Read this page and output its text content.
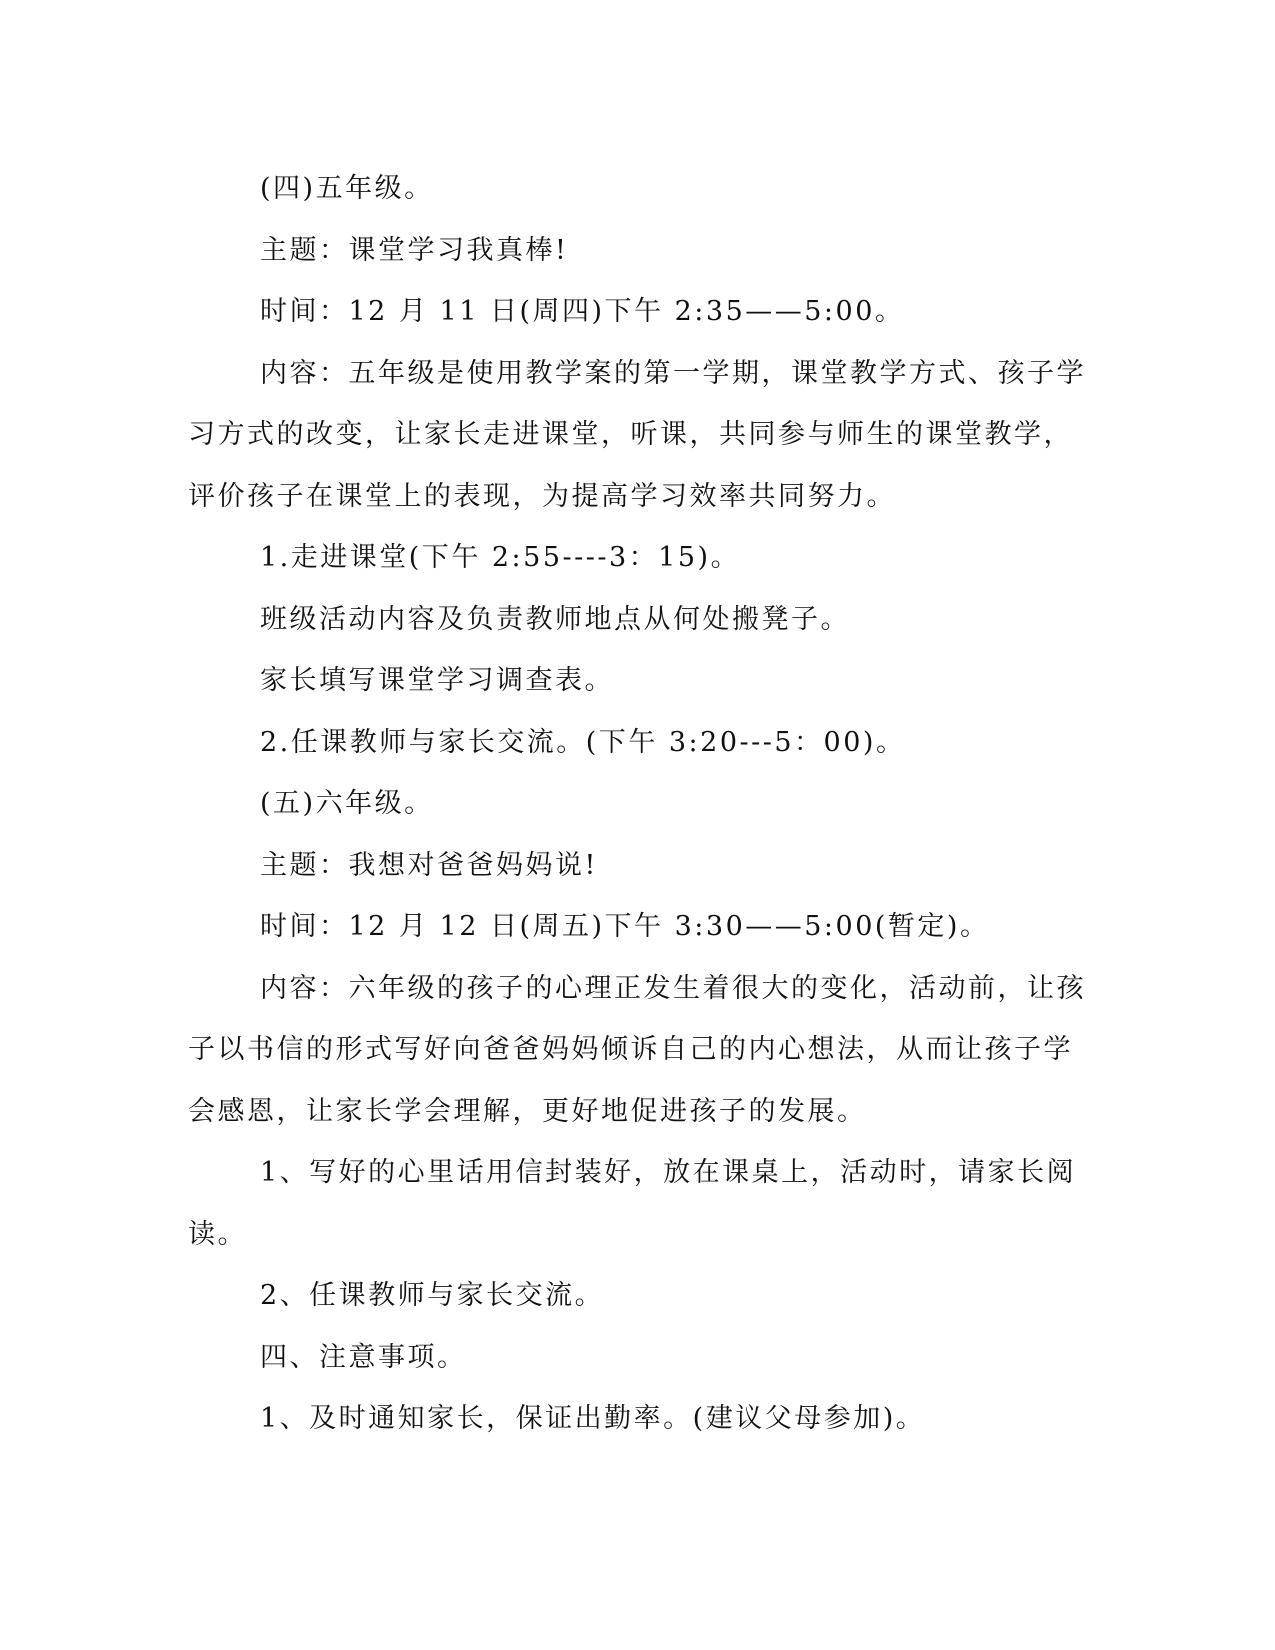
(四)五年级。
主题：课堂学习我真棒!
时间：12 月 11 日(周四)下午 2:35——5:00。
内容：五年级是使用教学案的第一学期，课堂教学方式、孩子学
习方式的改变，让家长走进课堂，听课，共同参与师生的课堂教学，
评价孩子在课堂上的表现，为提高学习效率共同努力。
1.走进课堂(下午 2:55----3：15)。
班级活动内容及负责教师地点从何处搬凳子。
家长填写课堂学习调查表。
2.任课教师与家长交流。(下午 3:20---5：00)。
(五)六年级。
主题：我想对爸爸妈妈说!
时间：12 月 12 日(周五)下午 3:30——5:00(暂定)。
内容：六年级的孩子的心理正发生着很大的变化，活动前，让孩
子以书信的形式写好向爸爸妈妈倾诉自己的内心想法，从而让孩子学
会感恩，让家长学会理解，更好地促进孩子的发展。
1、写好的心里话用信封装好，放在课桌上，活动时，请家长阅
读。
2、任课教师与家长交流。
四、注意事项。
1、及时通知家长，保证出勤率。(建议父母参加)。
